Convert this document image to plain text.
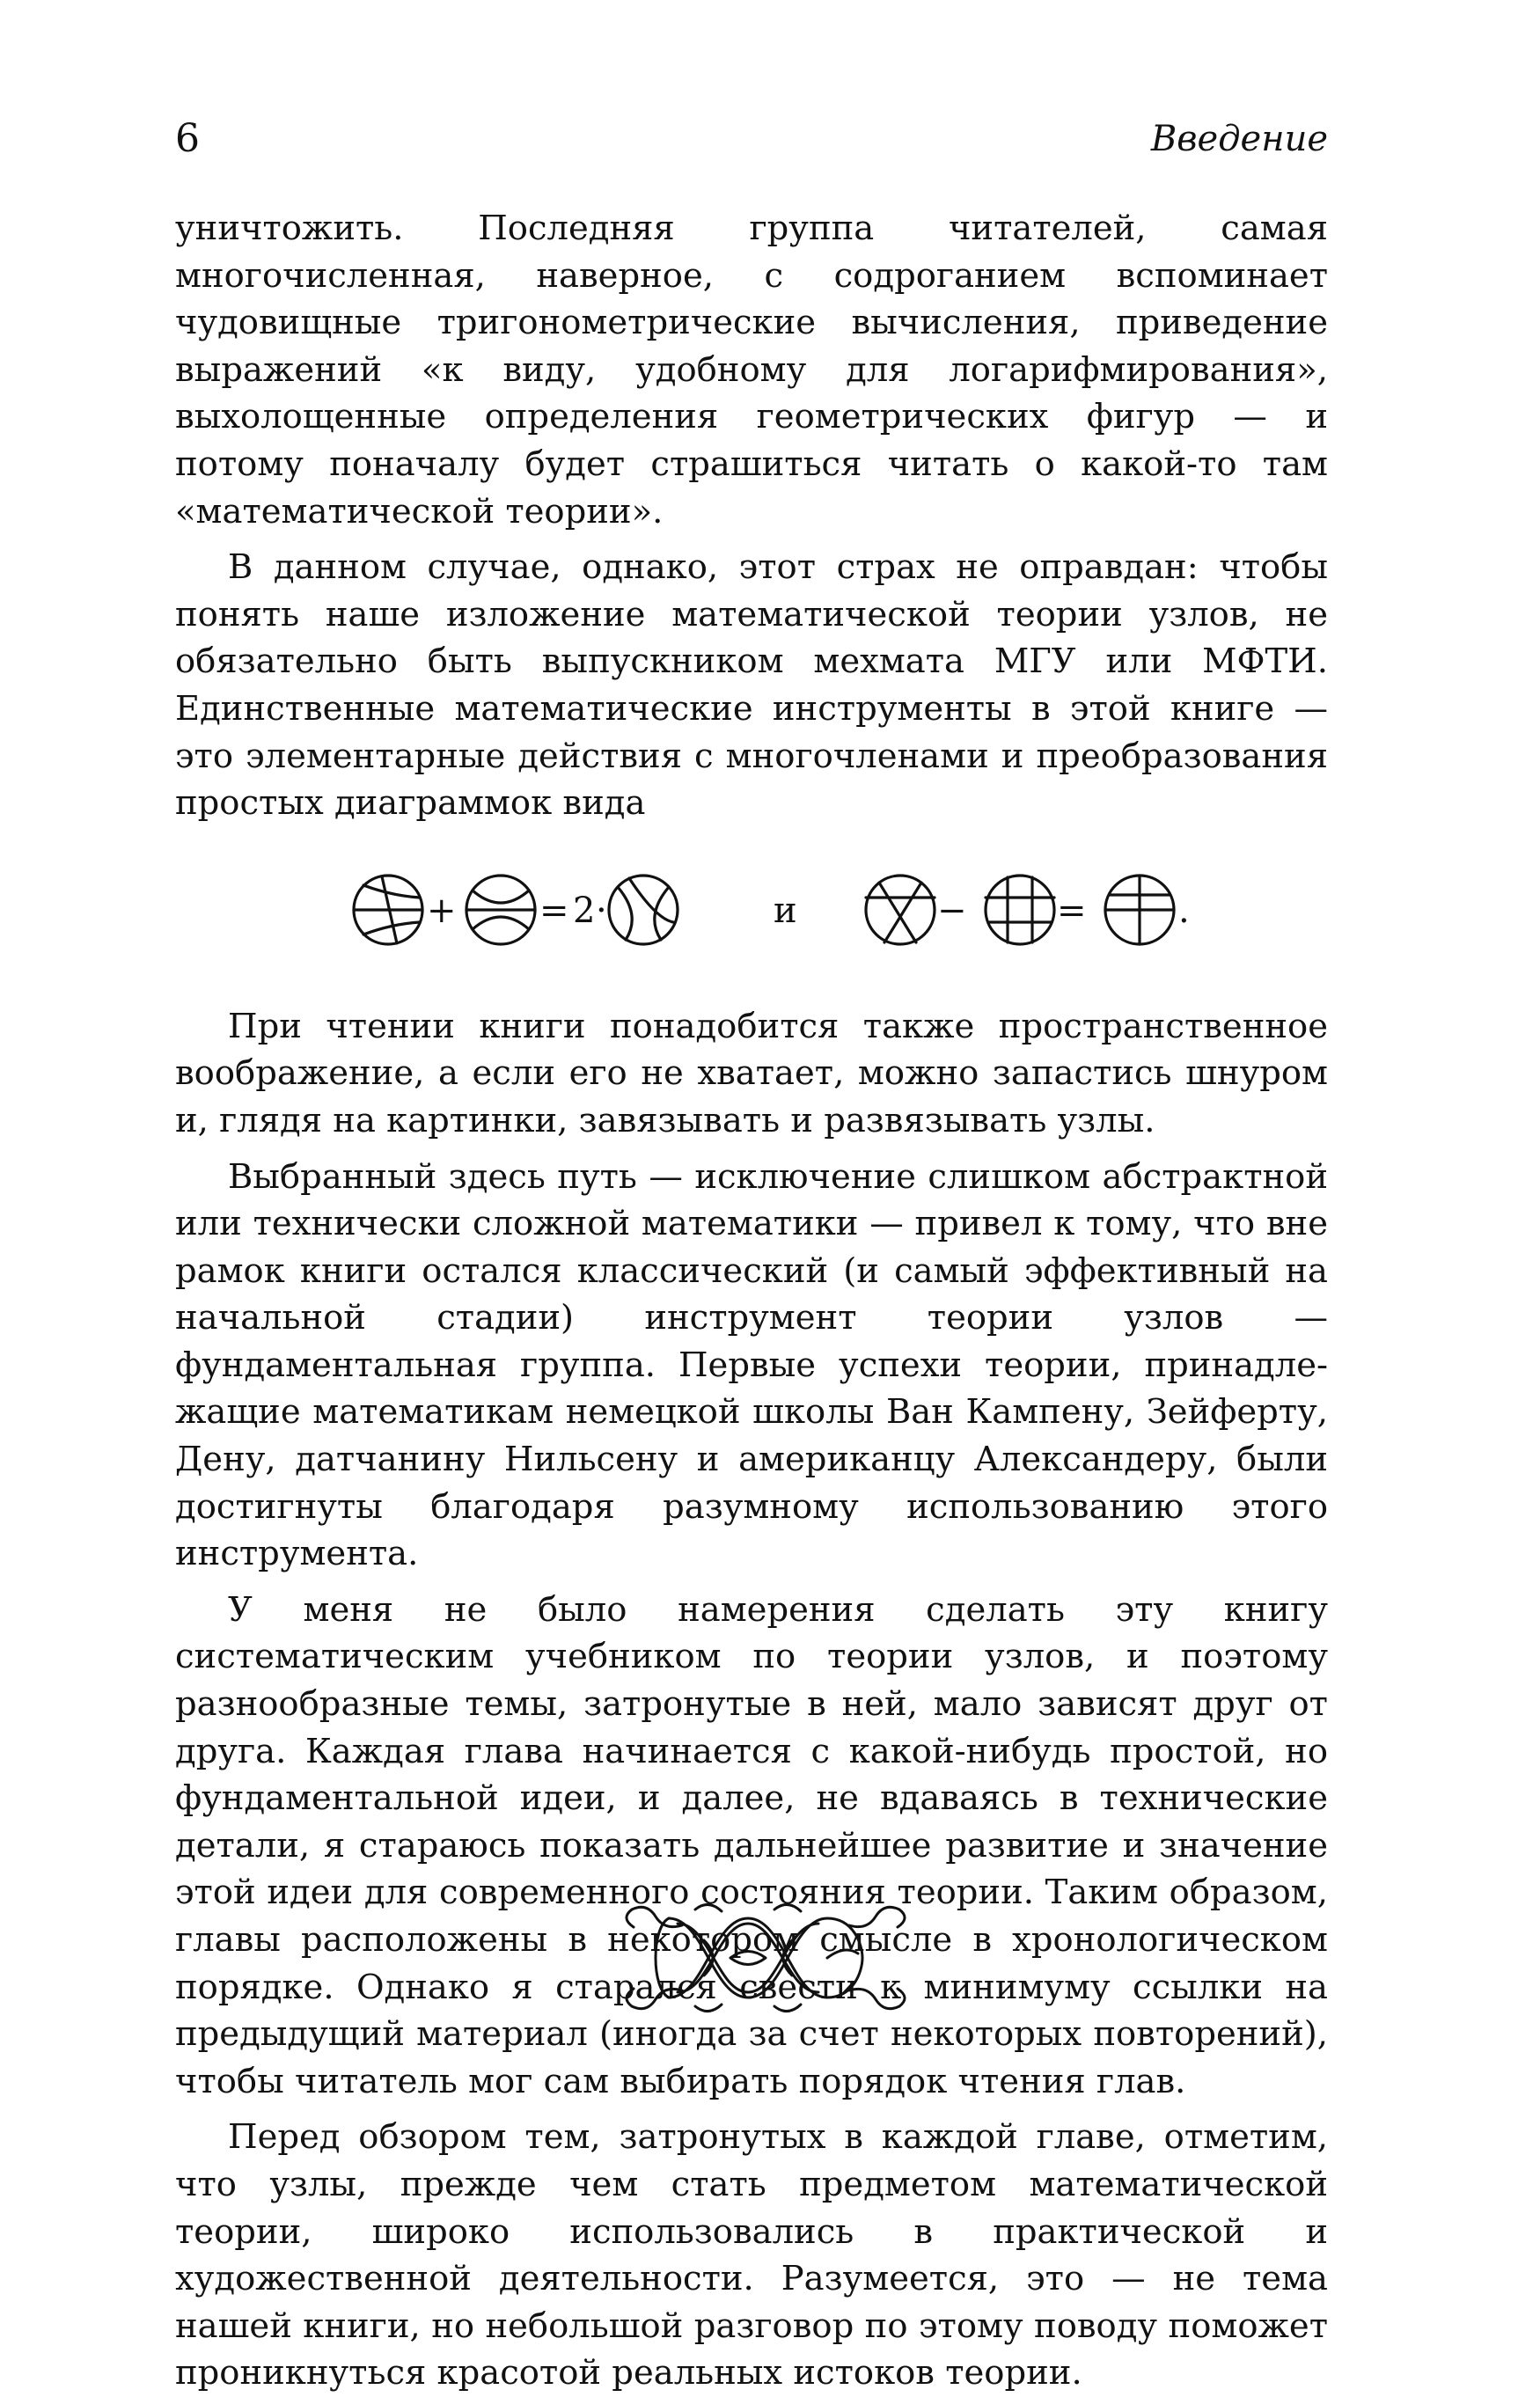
6	Введение

уничтожить. Последняя группа читателей, самая многочисленная, наверное, с содроганием вспоминает чудовищные тригонометрические вычисления, приведение выражений «к виду, удобному для логарифмирования», выхолощенные определения геометрических фигур — и потому поначалу будет страшиться читать о какой-то там «математической теории».

В данном случае, однако, этот страх не оправдан: чтобы понять наше изложение математической теории узлов, не обязательно быть выпускником мехмата МГУ или МФТИ. Единственные математические инструменты в этой книге — это элементарные действия с многочленами и преобразования простых диаграммок вида

+ = 2 ·	и	−	=	.

При чтении книги понадобится также пространственное воображение, а если его не хватает, можно запастись шнуром и, глядя на картинки, завязывать и развязывать узлы.

Выбранный здесь путь — исключение слишком абстрактной или технически сложной математики — привел к тому, что вне рамок книги остался классический (и самый эффективный на начальной стадии) инструмент теории узлов — фундаментальная группа. Первые успехи теории, принадлежащие математикам немецкой школы Ван Кампену, Зейферту, Дену, датчанину Нильсену и американцу Александеру, были достигнуты благодаря разумному использованию этого инструмента.

У меня не было намерения сделать эту книгу систематическим учебником по теории узлов, и поэтому разнообразные темы, затронутые в ней, мало зависят друг от друга. Каждая глава начинается с какой-нибудь простой, но фундаментальной идеи, и далее, не вдаваясь в технические детали, я стараюсь показать дальнейшее развитие и значение этой идеи для современного состояния теории. Таким образом, главы расположены в некотором смысле в хронологическом порядке. Однако я старался свести к минимуму ссылки на предыдущий материал (иногда за счет некоторых повторений), чтобы читатель мог сам выбирать порядок чтения глав.

Перед обзором тем, затронутых в каждой главе, отметим, что узлы, прежде чем стать предметом математической теории, широко использовались в практической и художественной деятельности. Разумеется, это — не тема нашей книги, но небольшой разговор по этому поводу поможет проникнуться красотой реальных истоков теории.
